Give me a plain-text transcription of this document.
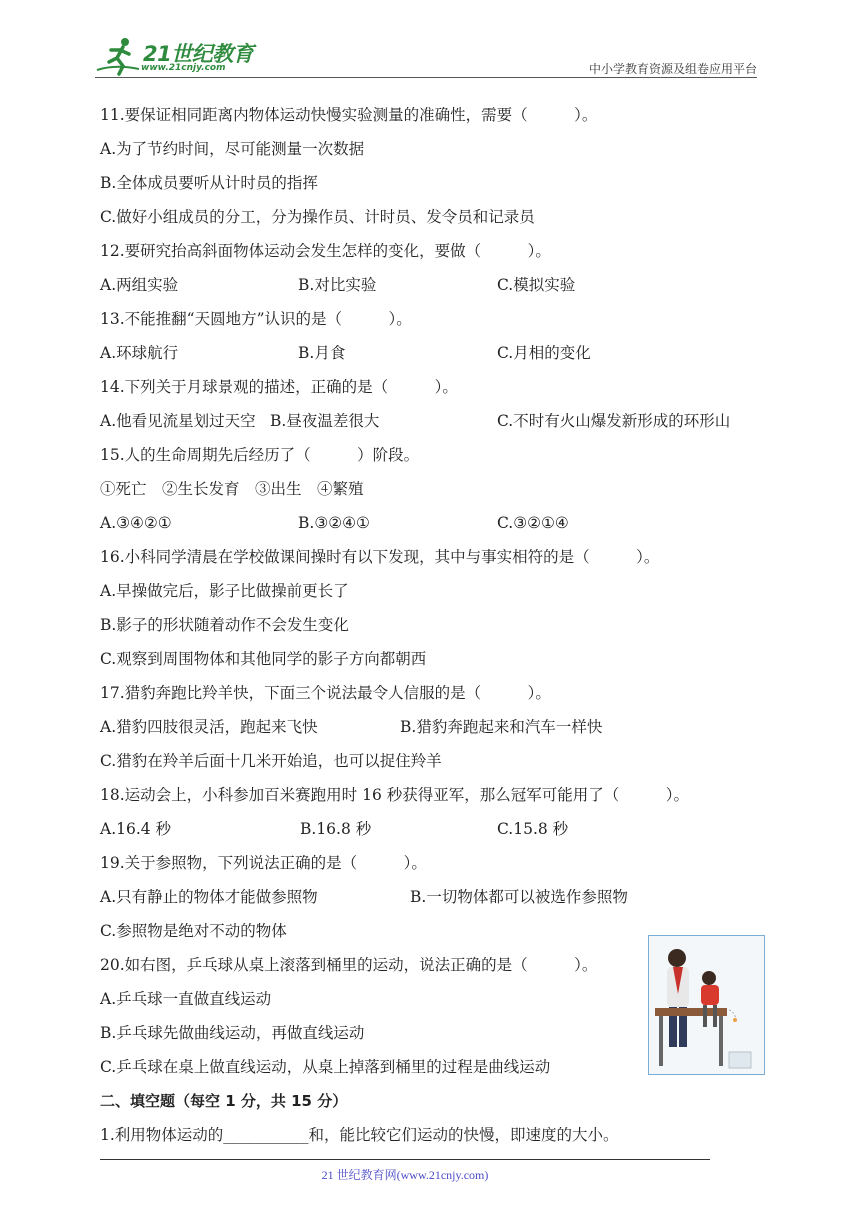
21世纪教育
www.21cnjy.com	中小学教育资源及组卷应用平台
11.要保证相同距离内物体运动快慢实验测量的准确性，需要（　　　）。
A.为了节约时间，尽可能测量一次数据
B.全体成员要听从计时员的指挥
C.做好小组成员的分工，分为操作员、计时员、发令员和记录员
12.要研究抬高斜面物体运动会发生怎样的变化，要做（　　　）。
A.两组实验	B.对比实验	C.模拟实验
13.不能推翻“天圆地方”认识的是（　　　）。
A.环球航行	B.月食	C.月相的变化
14.下列关于月球景观的描述，正确的是（　　　）。
A.他看见流星划过天空 B.昼夜温差很大	C.不时有火山爆发新形成的环形山
15.人的生命周期先后经历了（　　　）阶段。
①死亡　②生长发育　③出生　④繁殖
A.③④②①	B.③②④①	C.③②①④
16.小科同学清晨在学校做课间操时有以下发现，其中与事实相符的是（　　　）。
A.早操做完后，影子比做操前更长了
B.影子的形状随着动作不会发生变化
C.观察到周围物体和其他同学的影子方向都朝西
17.猎豹奔跑比羚羊快，下面三个说法最令人信服的是（　　　）。
A.猎豹四肢很灵活，跑起来飞快	B.猎豹奔跑起来和汽车一样快
C.猎豹在羚羊后面十几米开始追，也可以捉住羚羊
18.运动会上，小科参加百米赛跑用时 16 秒获得亚军，那么冠军可能用了（　　　）。
A.16.4 秒	B.16.8 秒	C.15.8 秒
19.关于参照物，下列说法正确的是（　　　）。
A.只有静止的物体才能做参照物	B.一切物体都可以被选作参照物
C.参照物是绝对不动的物体
20.如右图，乒乓球从桌上滚落到桶里的运动，说法正确的是（　　　）。
A.乒乓球一直做直线运动
B.乒乓球先做曲线运动，再做直线运动
C.乒乓球在桌上做直线运动，从桌上掉落到桶里的过程是曲线运动
二、填空题（每空 1 分，共 15 分）
1.利用物体运动的___________和，能比较它们运动的快慢，即速度的大小。
21 世纪教育网(www.21cnjy.com)
